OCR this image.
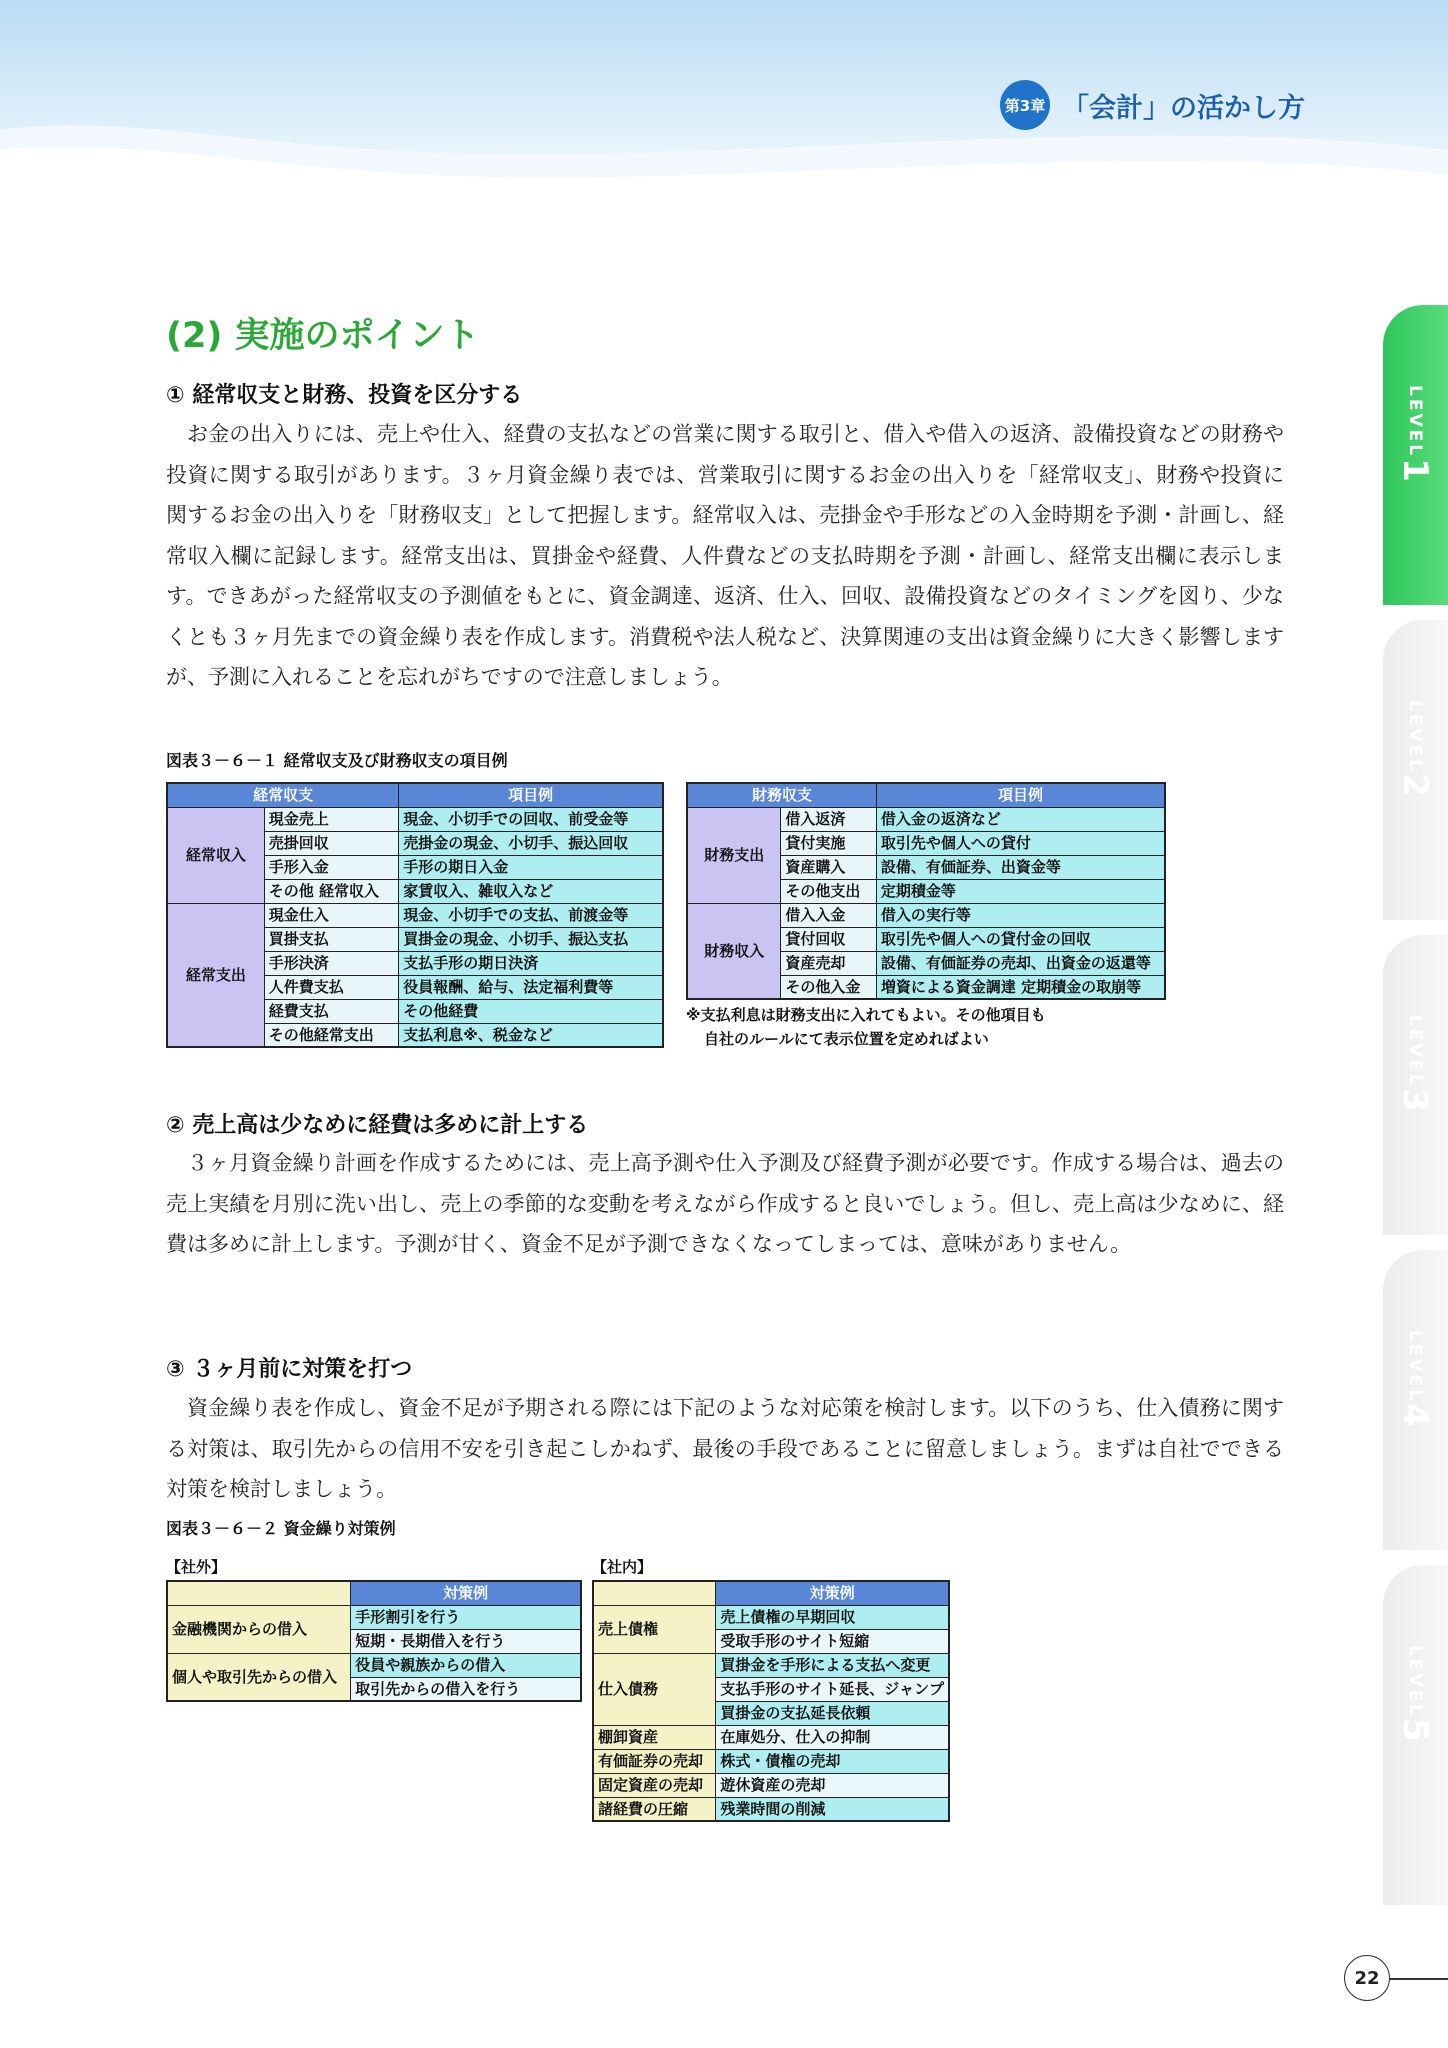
第3章 「会計」の活かし方
LEVEL1
LEVEL2
LEVEL3
LEVEL4
LEVEL5
(2) 実施のポイント
① 経常収支と財務、投資を区分する
お金の出入りには、売上や仕入、経費の支払などの営業に関する取引と、借入や借入の返済、設備投資などの財務や投資に関する取引があります。３ヶ月資金繰り表では、営業取引に関するお金の出入りを「経常収支」、財務や投資に関するお金の出入りを「財務収支」として把握します。経常収入は、売掛金や手形などの入金時期を予測・計画し、経常収入欄に記録します。経常支出は、買掛金や経費、人件費などの支払時期を予測・計画し、経常支出欄に表示します。できあがった経常収支の予測値をもとに、資金調達、返済、仕入、回収、設備投資などのタイミングを図り、少なくとも３ヶ月先までの資金繰り表を作成します。消費税や法人税など、決算関連の支出は資金繰りに大きく影響しますが、予測に入れることを忘れがちですので注意しましょう。
図表３－６－１ 経常収支及び財務収支の項目例
経常収支		項目例
経常収入	現金売上	現金、小切手での回収、前受金等
	売掛回収	売掛金の現金、小切手、振込回収
	手形入金	手形の期日入金
	その他 経常収入	家賃収入、雑収入など
経常支出	現金仕入	現金、小切手での支払、前渡金等
	買掛支払	買掛金の現金、小切手、振込支払
	手形決済	支払手形の期日決済
	人件費支払	役員報酬、給与、法定福利費等
	経費支払	その他経費
	その他経常支出	支払利息※、税金など
財務収支		項目例
財務支出	借入返済	借入金の返済など
	貸付実施	取引先や個人への貸付
	資産購入	設備、有価証券、出資金等
	その他支出	定期積金等
財務収入	借入入金	借入の実行等
	貸付回収	取引先や個人への貸付金の回収
	資産売却	設備、有価証券の売却、出資金の返還等
	その他入金	増資による資金調達 定期積金の取崩等
※支払利息は財務支出に入れてもよい。その他項目も
自社のルールにて表示位置を定めればよい
② 売上高は少なめに経費は多めに計上する
３ヶ月資金繰り計画を作成するためには、売上高予測や仕入予測及び経費予測が必要です。作成する場合は、過去の売上実績を月別に洗い出し、売上の季節的な変動を考えながら作成すると良いでしょう。但し、売上高は少なめに、経費は多めに計上します。予測が甘く、資金不足が予測できなくなってしまっては、意味がありません。
③ ３ヶ月前に対策を打つ
資金繰り表を作成し、資金不足が予期される際には下記のような対応策を検討します。以下のうち、仕入債務に関する対策は、取引先からの信用不安を引き起こしかねず、最後の手段であることに留意しましょう。まずは自社でできる対策を検討しましょう。
図表３－６－２ 資金繰り対策例
【社外】
	対策例
金融機関からの借入	手形割引を行う
	短期・長期借入を行う
個人や取引先からの借入	役員や親族からの借入
	取引先からの借入を行う
【社内】
	対策例
売上債権	売上債権の早期回収
	受取手形のサイト短縮
仕入債務	買掛金を手形による支払へ変更
	支払手形のサイト延長、ジャンプ
	買掛金の支払延長依頼
棚卸資産	在庫処分、仕入の抑制
有価証券の売却	株式・債権の売却
固定資産の売却	遊休資産の売却
諸経費の圧縮	残業時間の削減
22
